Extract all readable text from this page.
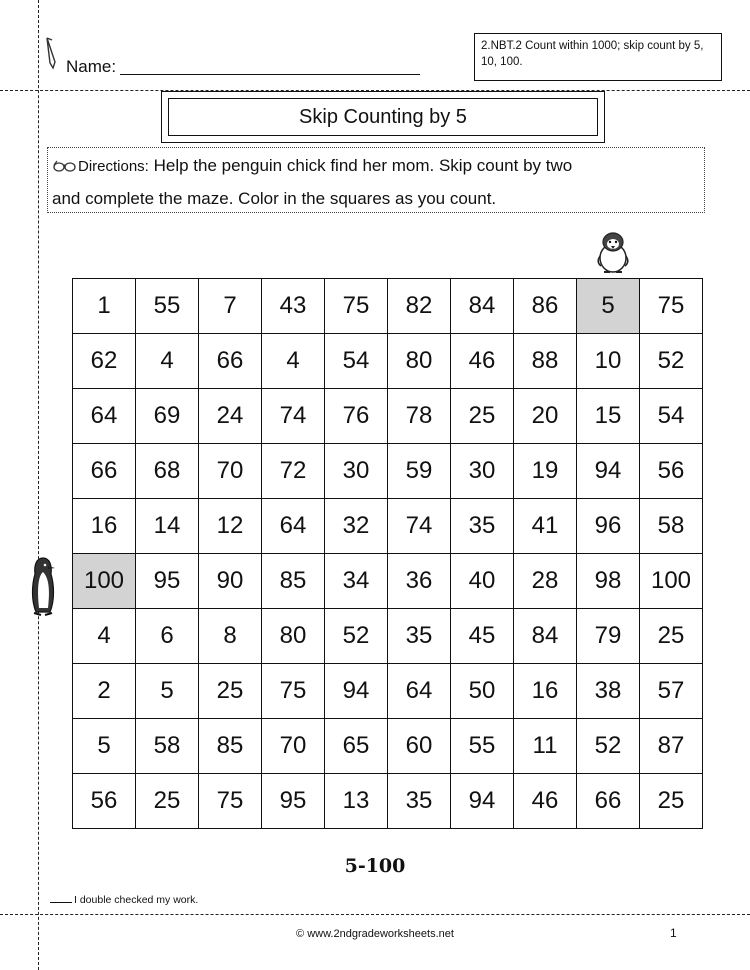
Name:
2.NBT.2 Count within 1000; skip count by 5, 10, 100.
Skip Counting by 5
Directions: Help the penguin chick find her mom. Skip count by two
and complete the maze. Color in the squares as you count.
1	55	7	43	75	82	84	86	5	75
62	4	66	4	54	80	46	88	10	52
64	69	24	74	76	78	25	20	15	54
66	68	70	72	30	59	30	19	94	56
16	14	12	64	32	74	35	41	96	58
100	95	90	85	34	36	40	28	98	100
4	6	8	80	52	35	45	84	79	25
2	5	25	75	94	64	50	16	38	57
5	58	85	70	65	60	55	11	52	87
56	25	75	95	13	35	94	46	66	25
5-100
I double checked my work.
© www.2ndgradeworksheets.net	1
